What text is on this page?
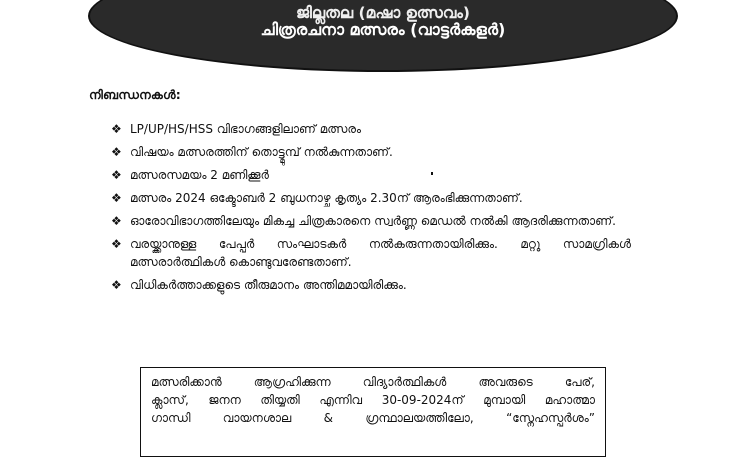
ജില്ലതല (മഷാ ഉത്സവം)
ചിത്രരചനാ മത്സരം (വാട്ടർകളർ)
നിബന്ധനകൾ:
❖ LP/UP/HS/HSS വിഭാഗങ്ങളിലാണ് മത്സരം
❖ വിഷയം മത്സരത്തിന് തൊട്ട്മുമ്പ് നൽകുന്നതാണ്.
❖ മത്സരസമയം 2 മണിക്കൂർ
❖ മത്സരം 2024 ഒക്ടോബർ 2 ബുധനാഴ്ച കൃത്യം 2.30ന് ആരംഭിക്കുന്നതാണ്.
❖ ഓരോവിഭാഗത്തിലേയും മികച്ച ചിത്രകാരനെ സ്വർണ്ണ മെഡൽ നൽകി ആദരിക്കുന്നതാണ്.
❖ വരയ്ക്കാനുള്ള പേപ്പർ സംഘാടകർ നൽകരുന്നതായിരിക്കും. മറ്റു സാമഗ്രികൾ മത്സരാർത്ഥികൾ കൊണ്ടുവരേണ്ടതാണ്.
❖ വിധികർത്താക്കളുടെ തീരുമാനം അന്തിമമായിരിക്കും.
മത്സരിക്കാൻ ആഗ്രഹിക്കുന്ന വിദ്യാർത്ഥികൾ അവരുടെ പേര്,
ക്ലാസ്, ജനന തിയ്യതി എന്നിവ 30-09-2024ന് മുമ്പായി മഹാത്മാ
ഗാന്ധി വായനശാല & ഗ്രന്ഥാലയത്തിലോ, “സ്നേഹസ്പർശം”
